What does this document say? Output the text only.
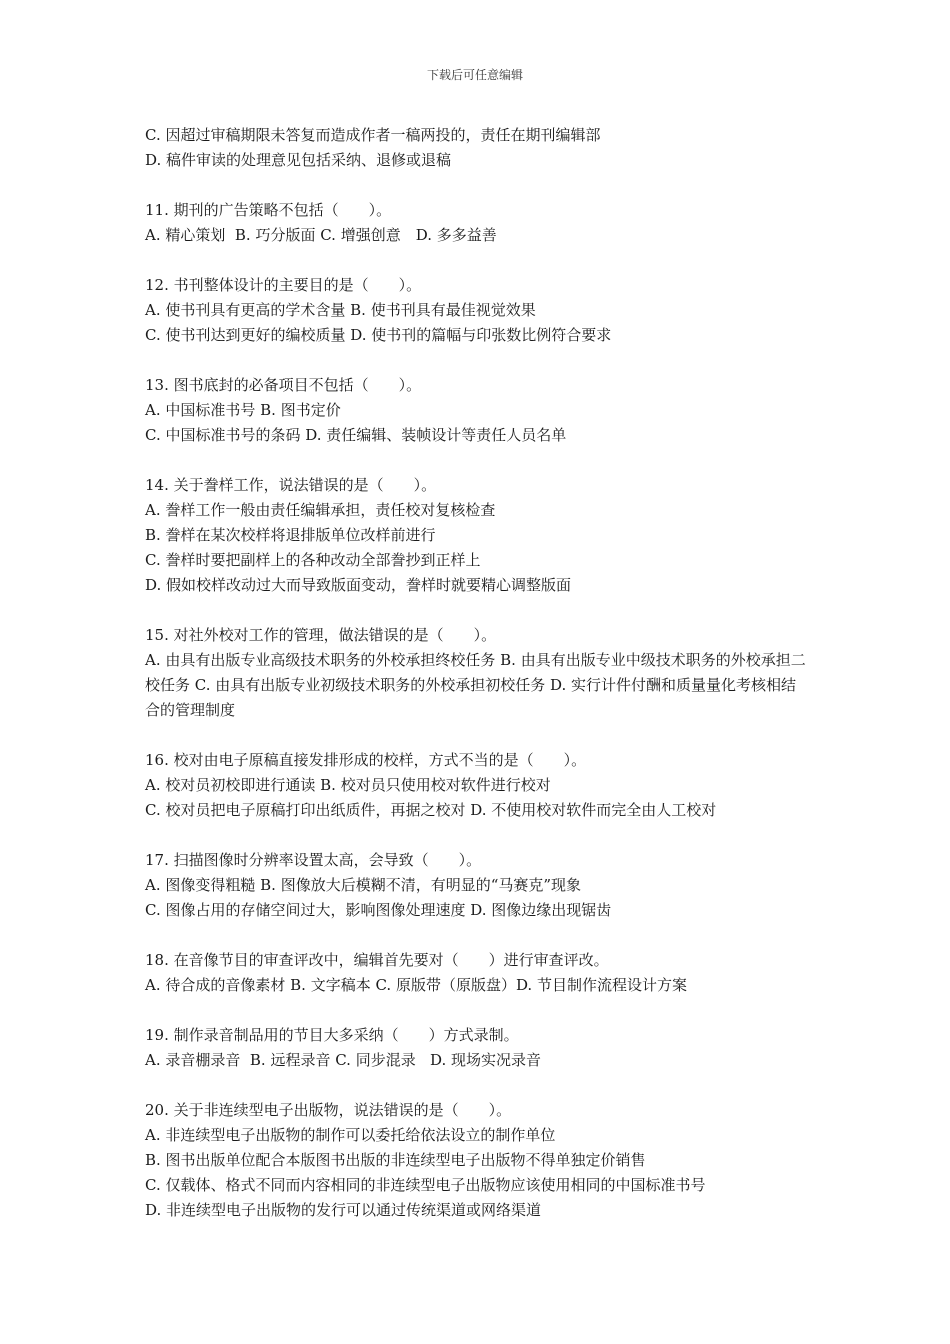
下载后可任意编辑

C. 因超过审稿期限未答复而造成作者一稿两投的，责任在期刊编辑部

D. 稿件审读的处理意见包括采纳、退修或退稿

11. 期刊的广告策略不包括（　　）。

A. 精心策划  B. 巧分版面 C. 增强创意　D. 多多益善

12. 书刊整体设计的主要目的是（　　）。

A. 使书刊具有更高的学术含量 B. 使书刊具有最佳视觉效果

C. 使书刊达到更好的编校质量 D. 使书刊的篇幅与印张数比例符合要求

13. 图书底封的必备项目不包括（　　）。

A. 中国标准书号 B. 图书定价

C. 中国标准书号的条码 D. 责任编辑、装帧设计等责任人员名单

14. 关于誊样工作，说法错误的是（　　）。

A. 誊样工作一般由责任编辑承担，责任校对复核检查

B. 誊样在某次校样将退排版单位改样前进行

C. 誊样时要把副样上的各种改动全部誊抄到正样上

D. 假如校样改动过大而导致版面变动，誊样时就要精心调整版面

15. 对社外校对工作的管理，做法错误的是（　　）。

A. 由具有出版专业高级技术职务的外校承担终校任务 B. 由具有出版专业中级技术职务的外校承担二校任务 C. 由具有出版专业初级技术职务的外校承担初校任务 D. 实行计件付酬和质量量化考核相结合的管理制度

16. 校对由电子原稿直接发排形成的校样，方式不当的是（　　）。

A. 校对员初校即进行通读 B. 校对员只使用校对软件进行校对

C. 校对员把电子原稿打印出纸质件，再据之校对 D. 不使用校对软件而完全由人工校对

17. 扫描图像时分辨率设置太高，会导致（　　）。

A. 图像变得粗糙 B. 图像放大后模糊不清，有明显的“马赛克”现象

C. 图像占用的存储空间过大，影响图像处理速度 D. 图像边缘出现锯齿

18. 在音像节目的审查评改中，编辑首先要对（　　）进行审查评改。

A. 待合成的音像素材 B. 文字稿本 C. 原版带（原版盘）D. 节目制作流程设计方案

19. 制作录音制品用的节目大多采纳（　　）方式录制。

A. 录音棚录音  B. 远程录音 C. 同步混录   D. 现场实况录音

20. 关于非连续型电子出版物，说法错误的是（　　）。

A. 非连续型电子出版物的制作可以委托给依法设立的制作单位

B. 图书出版单位配合本版图书出版的非连续型电子出版物不得单独定价销售

C. 仅载体、格式不同而内容相同的非连续型电子出版物应该使用相同的中国标准书号

D. 非连续型电子出版物的发行可以通过传统渠道或网络渠道
